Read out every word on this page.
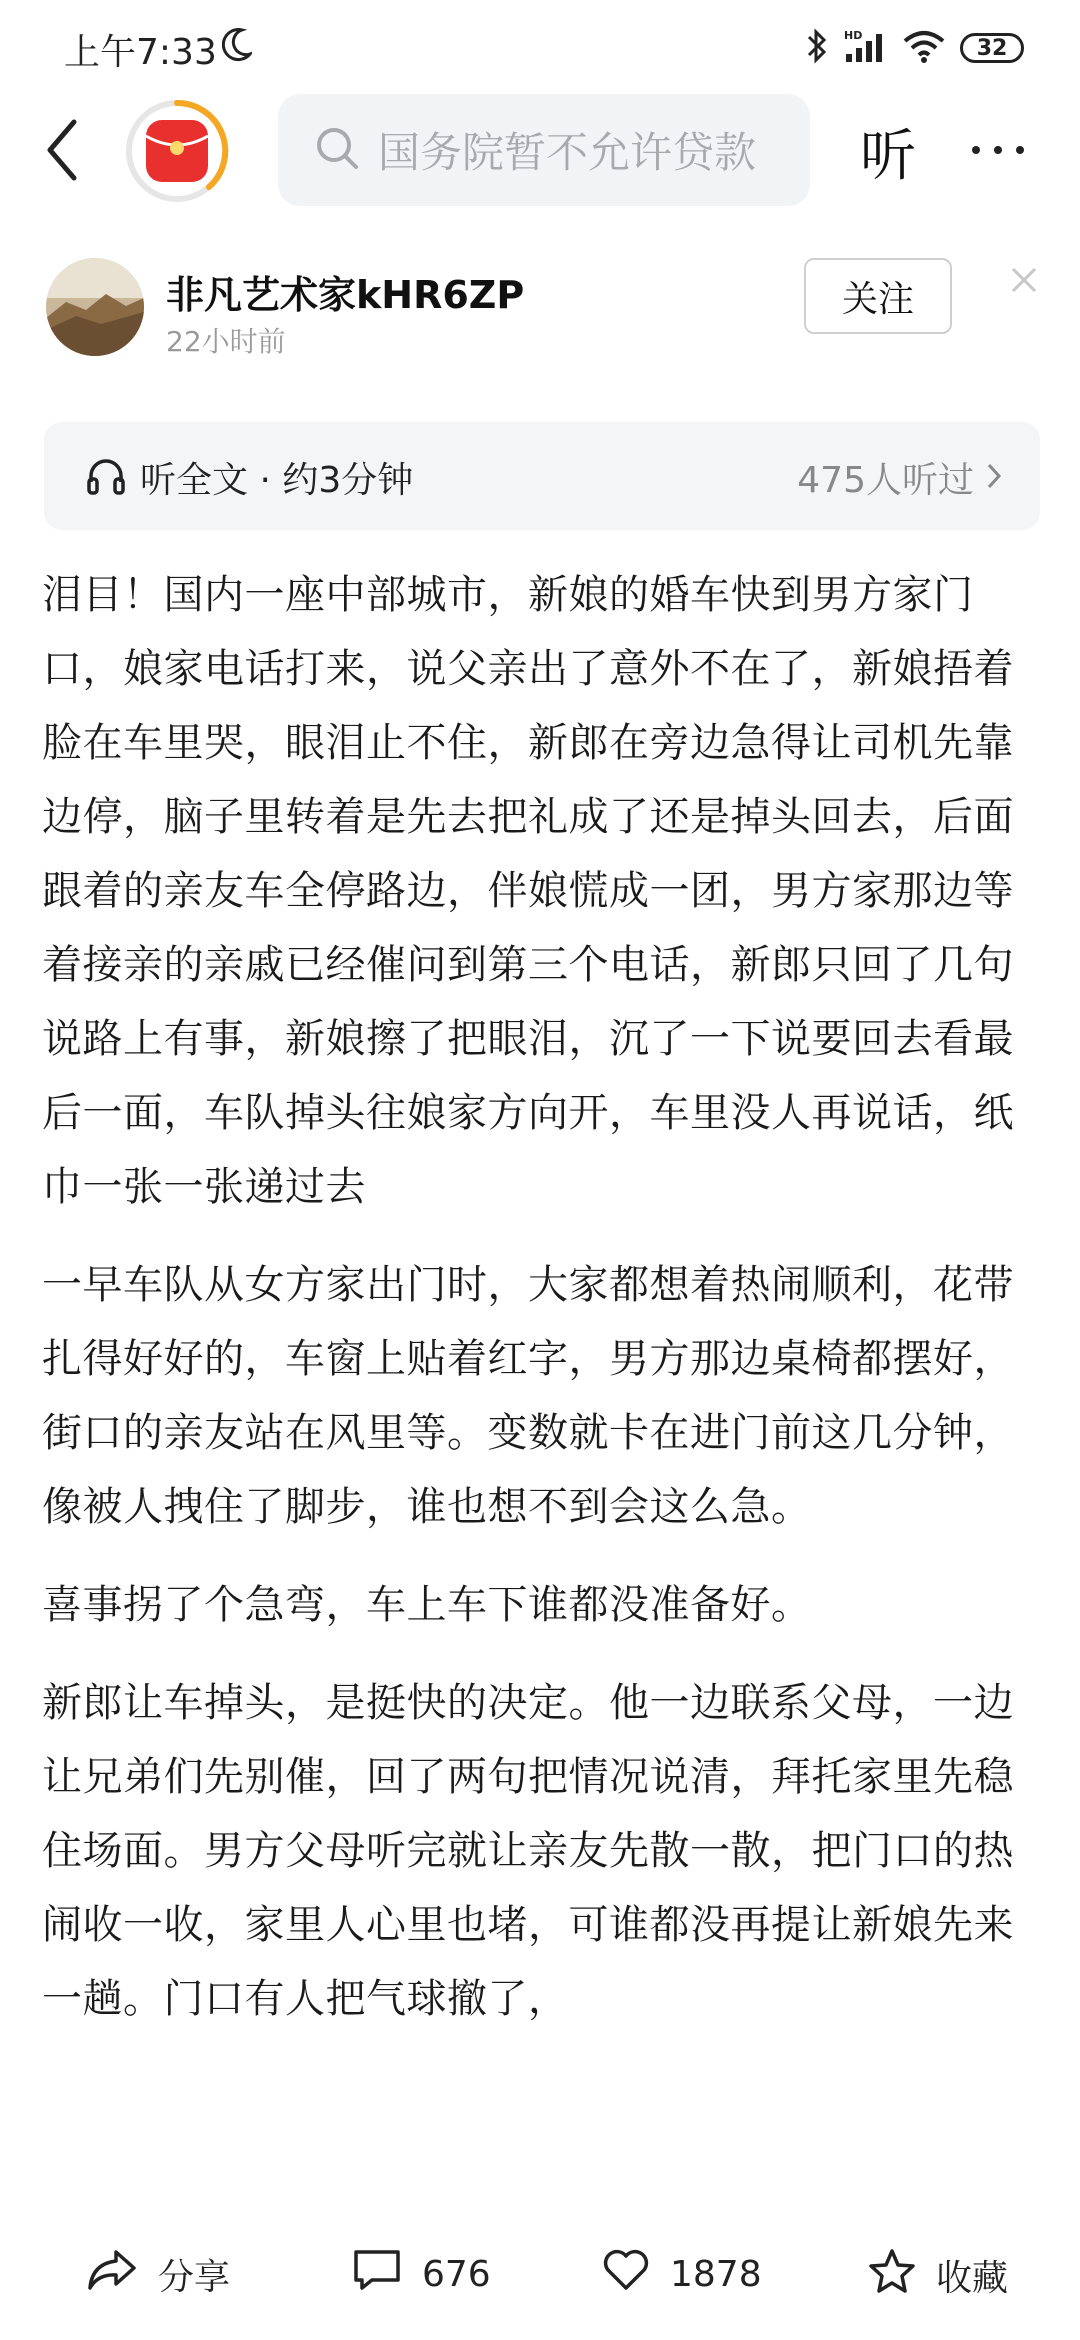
上午7:33	HD	32
国务院暂不允许贷款	听
非凡艺术家kHR6ZP
22小时前
关注
听全文 · 约3分钟	475人听过

泪目！国内一座中部城市，新娘的婚车快到男方家门口，娘家电话打来，说父亲出了意外不在了，新娘捂着脸在车里哭，眼泪止不住，新郎在旁边急得让司机先靠边停，脑子里转着是先去把礼成了还是掉头回去，后面跟着的亲友车全停路边，伴娘慌成一团，男方家那边等着接亲的亲戚已经催问到第三个电话，新郎只回了几句说路上有事，新娘擦了把眼泪，沉了一下说要回去看最后一面，车队掉头往娘家方向开，车里没人再说话，纸巾一张一张递过去

一早车队从女方家出门时，大家都想着热闹顺利，花带扎得好好的，车窗上贴着红字，男方那边桌椅都摆好，街口的亲友站在风里等。变数就卡在进门前这几分钟，像被人拽住了脚步，谁也想不到会这么急。

喜事拐了个急弯，车上车下谁都没准备好。

新郎让车掉头，是挺快的决定。他一边联系父母，一边让兄弟们先别催，回了两句把情况说清，拜托家里先稳住场面。男方父母听完就让亲友先散一散，把门口的热闹收一收，家里人心里也堵，可谁都没再提让新娘先来一趟。门口有人把气球撤了，

分享	676	1878	收藏
